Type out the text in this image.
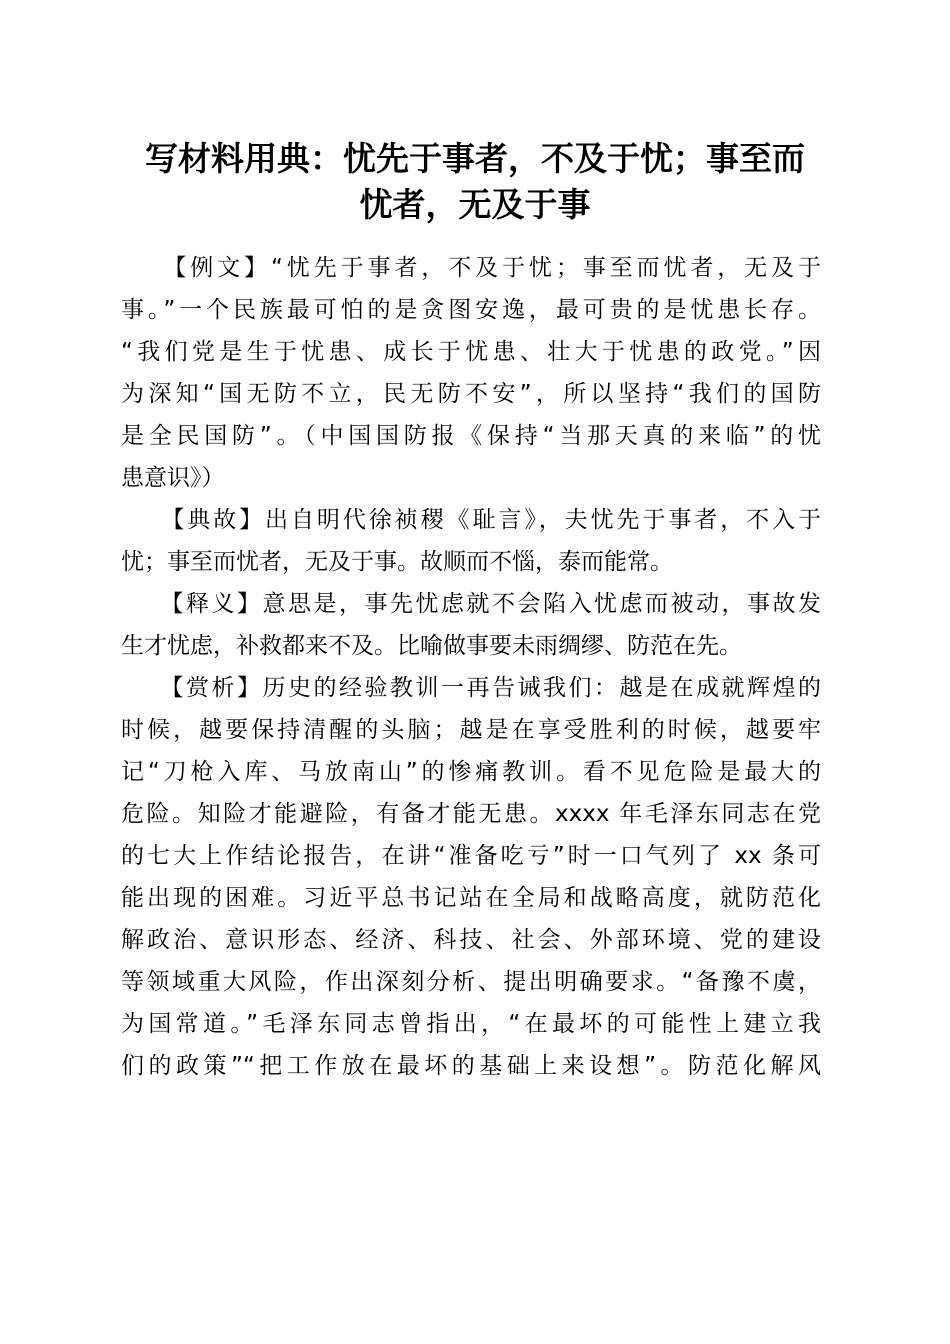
写材料用典：忧先于事者，不及于忧；事至而
忧者，无及于事
　　【例文】“忧先于事者，不及于忧；事至而忧者，无及于
事。”一个民族最可怕的是贪图安逸，最可贵的是忧患长存。
“我们党是生于忧患、成长于忧患、壮大于忧患的政党。”因
为深知“国无防不立，民无防不安”，所以坚持“我们的国防
是全民国防”。（中国国防报《保持“当那天真的来临”的忧
患意识》）
　　【典故】出自明代徐祯稷《耻言》，夫忧先于事者，不入于
忧；事至而忧者，无及于事。故顺而不惱，泰而能常。
　　【释义】意思是，事先忧虑就不会陷入忧虑而被动，事故发
生才忧虑，补救都来不及。比喻做事要未雨绸缪、防范在先。
　　【赏析】历史的经验教训一再告诫我们：越是在成就辉煌的
时候，越要保持清醒的头脑；越是在享受胜利的时候，越要牢
记“刀枪入库、马放南山”的惨痛教训。看不见危险是最大的
危险。知险才能避险，有备才能无患。xxxx 年毛泽东同志在党
的七大上作结论报告，在讲“准备吃亏”时一口气列了 xx 条可
能出现的困难。习近平总书记站在全局和战略高度，就防范化
解政治、意识形态、经济、科技、社会、外部环境、党的建设
等领域重大风险，作出深刻分析、提出明确要求。“备豫不虞，
为国常道。”毛泽东同志曾指出，“在最坏的可能性上建立我
们的政策”“把工作放在最坏的基础上来设想”。防范化解风
